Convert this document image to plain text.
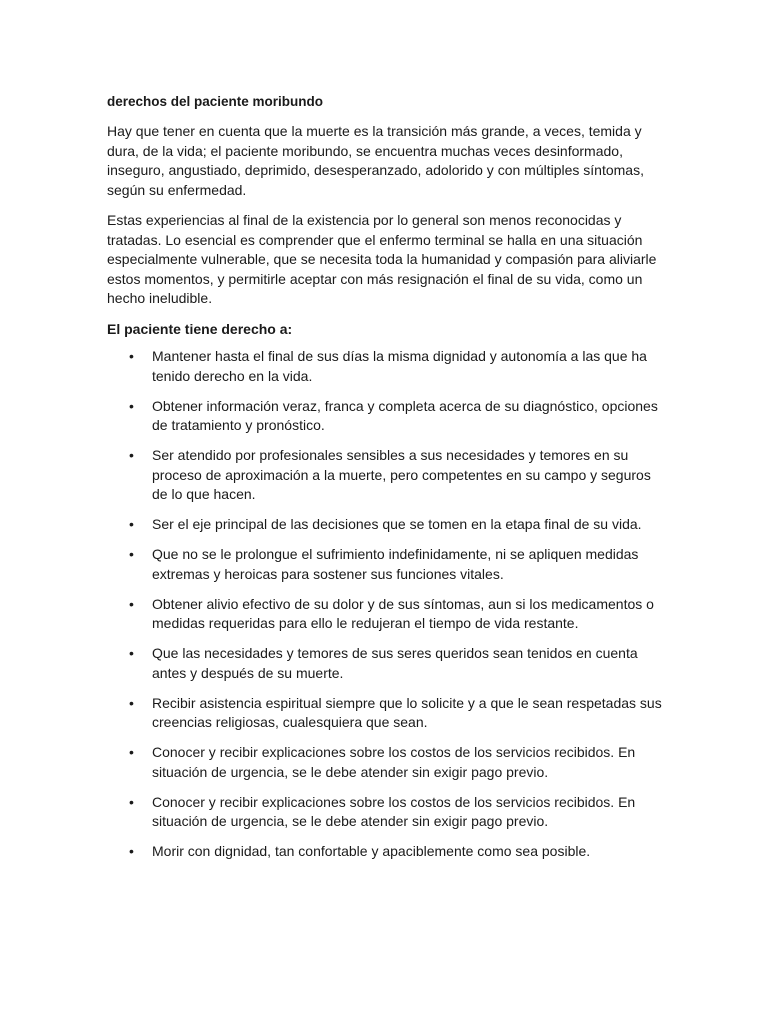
derechos del paciente moribundo

Hay que tener en cuenta que la muerte es la transición más grande, a veces, temida y dura, de la vida; el paciente moribundo, se encuentra muchas veces desinformado, inseguro, angustiado, deprimido, desesperanzado, adolorido y con múltiples síntomas, según su enfermedad.

Estas experiencias al final de la existencia por lo general son menos reconocidas y tratadas. Lo esencial es comprender que el enfermo terminal se halla en una situación especialmente vulnerable, que se necesita toda la humanidad y compasión para aliviarle estos momentos, y permitirle aceptar con más resignación el final de su vida, como un hecho ineludible.

El paciente tiene derecho a:
• Mantener hasta el final de sus días la misma dignidad y autonomía a las que ha tenido derecho en la vida.
• Obtener información veraz, franca y completa acerca de su diagnóstico, opciones de tratamiento y pronóstico.
• Ser atendido por profesionales sensibles a sus necesidades y temores en su proceso de aproximación a la muerte, pero competentes en su campo y seguros de lo que hacen.
• Ser el eje principal de las decisiones que se tomen en la etapa final de su vida.
• Que no se le prolongue el sufrimiento indefinidamente, ni se apliquen medidas extremas y heroicas para sostener sus funciones vitales.
• Obtener alivio efectivo de su dolor y de sus síntomas, aun si los medicamentos o medidas requeridas para ello le redujeran el tiempo de vida restante.
• Que las necesidades y temores de sus seres queridos sean tenidos en cuenta antes y después de su muerte.
• Recibir asistencia espiritual siempre que lo solicite y a que le sean respetadas sus creencias religiosas, cualesquiera que sean.
• Conocer y recibir explicaciones sobre los costos de los servicios recibidos. En situación de urgencia, se le debe atender sin exigir pago previo.
• Conocer y recibir explicaciones sobre los costos de los servicios recibidos. En situación de urgencia, se le debe atender sin exigir pago previo.
• Morir con dignidad, tan confortable y apaciblemente como sea posible.
